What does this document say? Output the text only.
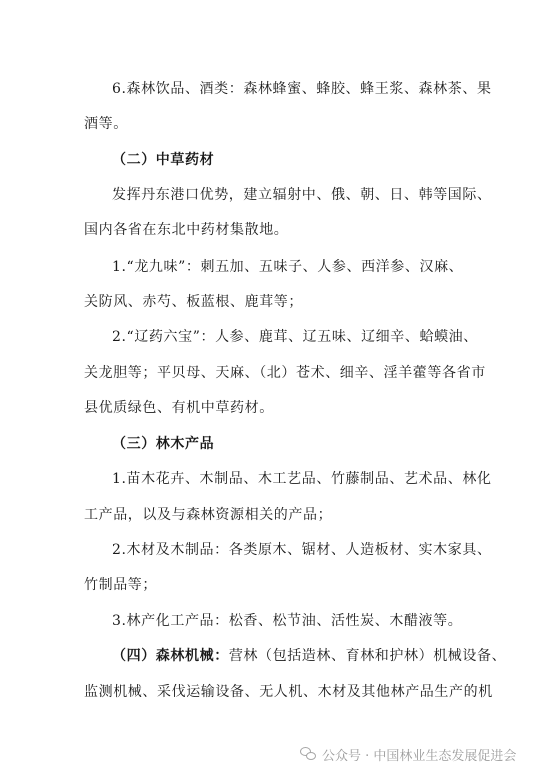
6.森林饮品、酒类：森林蜂蜜、蜂胶、蜂王浆、森林茶、果
酒等。
（二）中草药材
发挥丹东港口优势，建立辐射中、俄、朝、日、韩等国际、
国内各省在东北中药材集散地。
1.“龙九味”：刺五加、五味子、人参、西洋参、汉麻、
关防风、赤芍、板蓝根、鹿茸等；
2.“辽药六宝”：人参、鹿茸、辽五味、辽细辛、蛤蟆油、
关龙胆等；平贝母、天麻、（北）苍术、细辛、淫羊藿等各省市
县优质绿色、有机中草药材。
（三）林木产品
1.苗木花卉、木制品、木工艺品、竹藤制品、艺术品、林化
工产品，以及与森林资源相关的产品；
2.木材及木制品：各类原木、锯材、人造板材、实木家具、
竹制品等；
3.林产化工产品：松香、松节油、活性炭、木醋液等。
（四）森林机械：营林（包括造林、育林和护林）机械设备、
监测机械、采伐运输设备、无人机、木材及其他林产品生产的机
公众号 · 中国林业生态发展促进会
